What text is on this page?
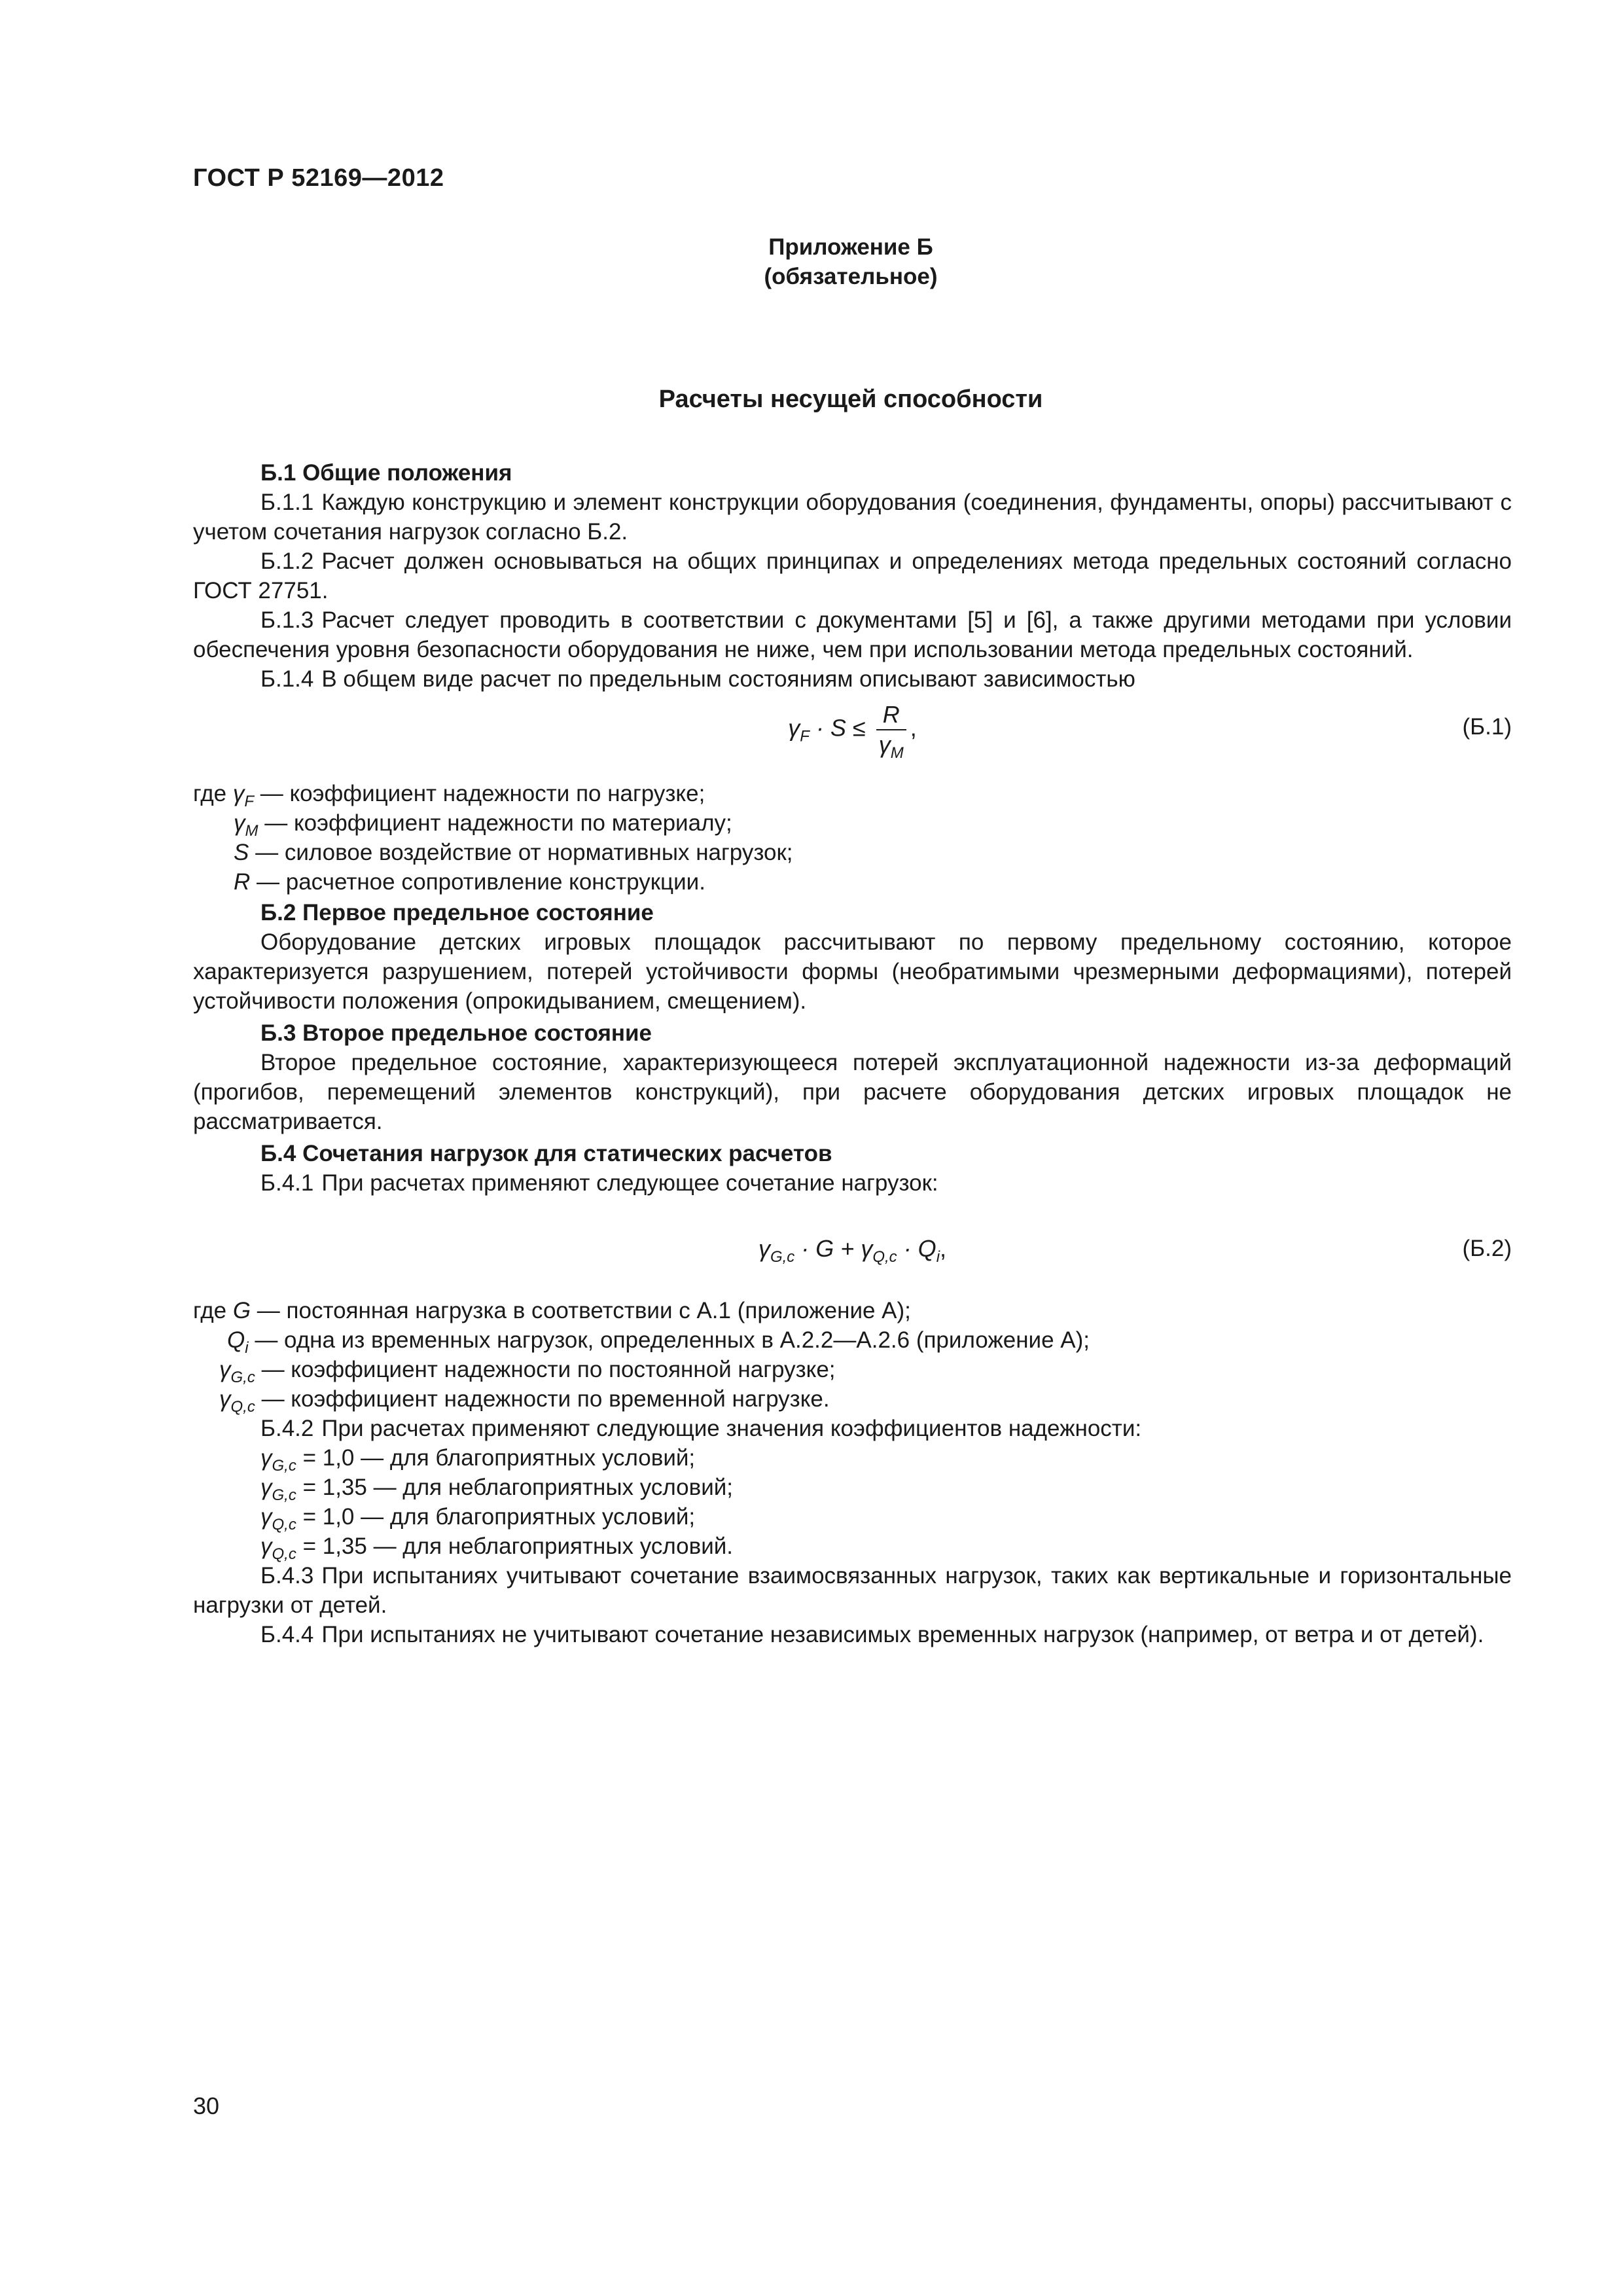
ГОСТ Р 52169—2012
Приложение Б
(обязательное)
Расчеты несущей способности

Б.1 Общие положения

Б.1.1 Каждую конструкцию и элемент конструкции оборудования (соединения, фундаменты, опоры) рассчитывают с учетом сочетания нагрузок согласно Б.2.

Б.1.2 Расчет должен основываться на общих принципах и определениях метода предельных состояний согласно ГОСТ 27751.

Б.1.3 Расчет следует проводить в соответствии с документами [5] и [6], а также другими методами при условии обеспечения уровня безопасности оборудования не ниже, чем при использовании метода предельных состояний.

Б.1.4 В общем виде расчет по предельным состояниям описывают зависимостью

$\gamma_F \cdot S \le \frac{R}{\gamma_M}$ ,	(Б.1)
где $\gamma_F$ — коэффициент надежности по нагрузке;
$\gamma_M$ — коэффициент надежности по материалу;
S — силовое воздействие от нормативных нагрузок;
R — расчетное сопротивление конструкции.

Б.2 Первое предельное состояние

Оборудование детских игровых площадок рассчитывают по первому предельному состоянию, которое характеризуется разрушением, потерей устойчивости формы (необратимыми чрезмерными деформациями), потерей устойчивости положения (опрокидыванием, смещением).

Б.3 Второе предельное состояние

Второе предельное состояние, характеризующееся потерей эксплуатационной надежности из-за деформаций (прогибов, перемещений элементов конструкций), при расчете оборудования детских игровых площадок не рассматривается.

Б.4 Сочетания нагрузок для статических расчетов

Б.4.1 При расчетах применяют следующее сочетание нагрузок:

$\gamma_{G,c} \cdot G + \gamma_{Q,c} \cdot Q_i$,	(Б.2)
где G — постоянная нагрузка в соответствии с А.1 (приложение А);
$Q_i$ — одна из временных нагрузок, определенных в А.2.2—А.2.6 (приложение А);
$\gamma_{G,c}$ — коэффициент надежности по постоянной нагрузке;
$\gamma_{Q,c}$ — коэффициент надежности по временной нагрузке.

Б.4.2 При расчетах применяют следующие значения коэффициентов надежности:

$\gamma_{G,c} = 1,0$ — для благоприятных условий;
$\gamma_{G,c} = 1,35$ — для неблагоприятных условий;
$\gamma_{Q,c} = 1,0$ — для благоприятных условий;
$\gamma_{Q,c} = 1,35$ — для неблагоприятных условий.

Б.4.3 При испытаниях учитывают сочетание взаимосвязанных нагрузок, таких как вертикальные и горизонтальные нагрузки от детей.

Б.4.4 При испытаниях не учитывают сочетание независимых временных нагрузок (например, от ветра и от детей).

30
